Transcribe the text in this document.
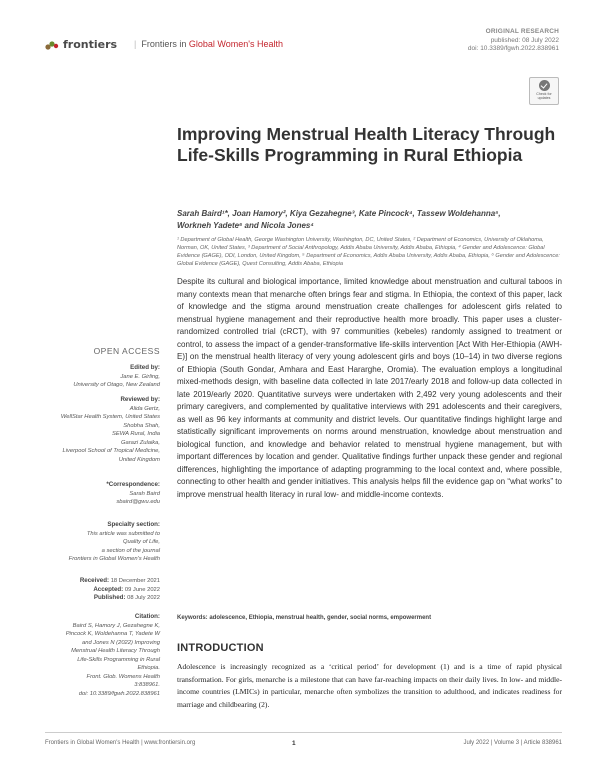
frontiers | Frontiers in Global Women's Health
ORIGINAL RESEARCH
published: 08 July 2022
doi: 10.3389/fgwh.2022.838961
Check for updates
Improving Menstrual Health Literacy Through Life-Skills Programming in Rural Ethiopia
Sarah Baird¹*, Joan Hamory², Kiya Gezahegne³, Kate Pincock⁴, Tassew Woldehanna⁵,
Workneh Yadete⁶ and Nicola Jones⁴
¹ Department of Global Health, George Washington University, Washington, DC, United States, ² Department of Economics, University of Oklahoma, Norman, OK, United States, ³ Department of Social Anthropology, Addis Ababa University, Addis Ababa, Ethiopia, ⁴ Gender and Adolescence: Global Evidence (GAGE), ODI, London, United Kingdom, ⁵ Department of Economics, Addis Ababa University, Addis Ababa, Ethiopia, ⁶ Gender and Adolescence: Global Evidence (GAGE), Quest Consulting, Addis Ababa, Ethiopia
Despite its cultural and biological importance, limited knowledge about menstruation and cultural taboos in many contexts mean that menarche often brings fear and stigma. In Ethiopia, the context of this paper, lack of knowledge and the stigma around menstruation create challenges for adolescent girls related to menstrual hygiene management and their reproductive health more broadly. This paper uses a cluster-randomized controlled trial (cRCT), with 97 communities (kebeles) randomly assigned to treatment or control, to assess the impact of a gender-transformative life-skills intervention [Act With Her-Ethiopia (AWH-E)] on the menstrual health literacy of very young adolescent girls and boys (10–14) in two diverse regions of Ethiopia (South Gondar, Amhara and East Hararghe, Oromia). The evaluation employs a longitudinal mixed-methods design, with baseline data collected in late 2017/early 2018 and follow-up data collected in late 2019/early 2020. Quantitative surveys were undertaken with 2,492 very young adolescents and their primary caregivers, and complemented by qualitative interviews with 291 adolescents and their caregivers, as well as 96 key informants at community and district levels. Our quantitative findings highlight large and statistically significant improvements on norms around menstruation, knowledge about menstruation and biological function, and knowledge and behavior related to menstrual hygiene management, but with important differences by location and gender. Qualitative findings further unpack these gender and regional differences, highlighting the importance of adapting programming to the local context and, where possible, connecting to other health and gender initiatives. This analysis helps fill the evidence gap on “what works” to improve menstrual health literacy in rural low- and middle-income contexts.
Keywords: adolescence, Ethiopia, menstrual health, gender, social norms, empowerment
INTRODUCTION
Adolescence is increasingly recognized as a ‘critical period’ for development (1) and is a time of rapid physical transformation. For girls, menarche is a milestone that can have far-reaching impacts on their daily lives. In low- and middle-income countries (LMICs) in particular, menarche often symbolizes the transition to adulthood, and indicates readiness for marriage and childbearing (2).
OPEN ACCESS
Edited by:
Jane E. Girling,
University of Otago, New Zealand
Reviewed by:
Alida Gertz,
WellStar Health System, United States
Shobha Shah,
SEWA Rural, India
Garazi Zulaika,
Liverpool School of Tropical Medicine,
United Kingdom
*Correspondence:
Sarah Baird
sbaird@gwu.edu
Specialty section:
This article was submitted to
Quality of Life,
a section of the journal
Frontiers in Global Women's Health
Received: 18 December 2021
Accepted: 09 June 2022
Published: 08 July 2022
Citation:
Baird S, Hamory J, Gezahegne K,
Pincock K, Woldehanna T, Yadete W
and Jones N (2022) Improving
Menstrual Health Literacy Through
Life-Skills Programming in Rural
Ethiopia.
Front. Glob. Womens Health
3:838961.
doi: 10.3389/fgwh.2022.838961
Frontiers in Global Women's Health | www.frontiersin.org	1	July 2022 | Volume 3 | Article 838961
